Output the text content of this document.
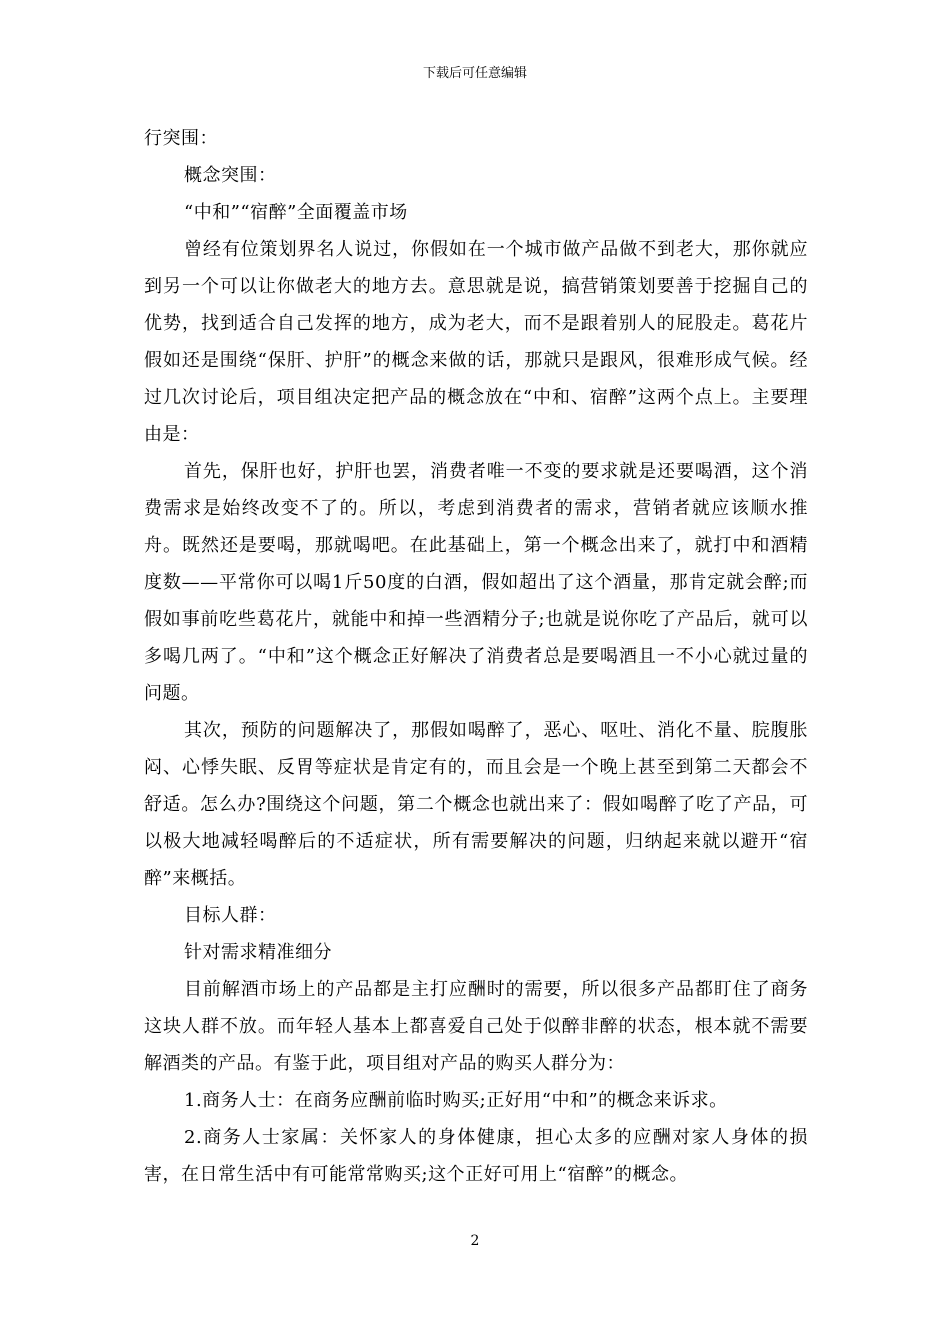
下载后可任意编辑

行突围：

概念突围：

“中和”“宿醉”全面覆盖市场

曾经有位策划界名人说过，你假如在一个城市做产品做不到老大，那你就应到另一个可以让你做老大的地方去。意思就是说，搞营销策划要善于挖掘自己的优势，找到适合自己发挥的地方，成为老大，而不是跟着别人的屁股走。葛花片假如还是围绕“保肝、护肝”的概念来做的话，那就只是跟风，很难形成气候。经过几次讨论后，项目组决定把产品的概念放在“中和、宿醉”这两个点上。主要理由是：

首先，保肝也好，护肝也罢，消费者唯一不变的要求就是还要喝酒，这个消费需求是始终改变不了的。所以，考虑到消费者的需求，营销者就应该顺水推舟。既然还是要喝，那就喝吧。在此基础上，第一个概念出来了，就打中和酒精度数——平常你可以喝1斤50度的白酒，假如超出了这个酒量，那肯定就会醉;而假如事前吃些葛花片，就能中和掉一些酒精分子;也就是说你吃了产品后，就可以多喝几两了。“中和”这个概念正好解决了消费者总是要喝酒且一不小心就过量的问题。

其次，预防的问题解决了，那假如喝醉了，恶心、呕吐、消化不量、脘腹胀闷、心悸失眠、反胃等症状是肯定有的，而且会是一个晚上甚至到第二天都会不舒适。怎么办?围绕这个问题，第二个概念也就出来了：假如喝醉了吃了产品，可以极大地减轻喝醉后的不适症状，所有需要解决的问题，归纳起来就以避开“宿醉”来概括。

目标人群：

针对需求精准细分

目前解酒市场上的产品都是主打应酬时的需要，所以很多产品都盯住了商务这块人群不放。而年轻人基本上都喜爱自己处于似醉非醉的状态，根本就不需要解酒类的产品。有鉴于此，项目组对产品的购买人群分为：

1.商务人士：在商务应酬前临时购买;正好用“中和”的概念来诉求。

2.商务人士家属：关怀家人的身体健康，担心太多的应酬对家人身体的损害，在日常生活中有可能常常购买;这个正好可用上“宿醉”的概念。

2
